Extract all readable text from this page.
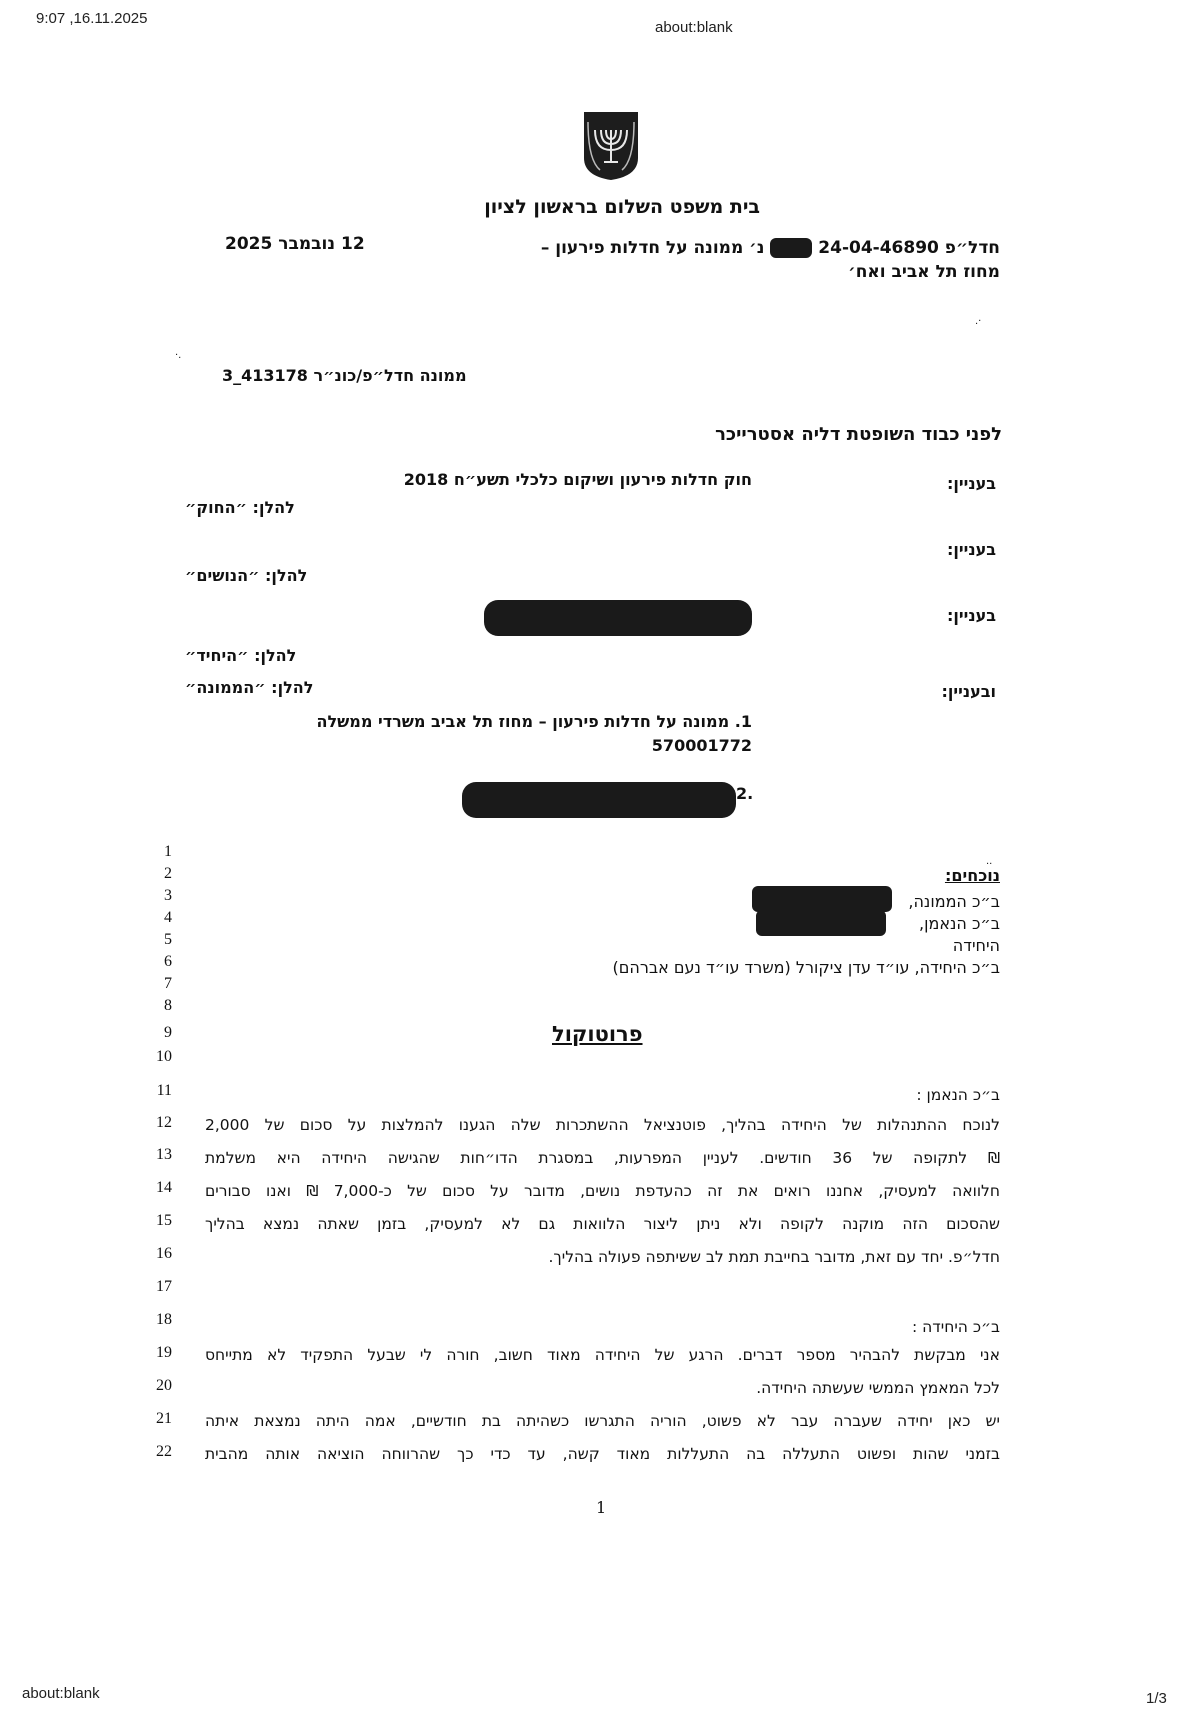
9:07 ,16.11.2025
about:blank
בית משפט השלום בראשון לציון
חדל״פ 24-04-46890  נ׳ ממונה על חדלות פירעון –
מחוז תל אביב ואח׳
12 נובמבר 2025
.·
·.
ממונה חדל״פ/כונ״ר 413178_3
לפני כבוד השופטת דליה אסטרייכר
בעניין:
חוק חדלות פירעון ושיקום כלכלי תשע״ח 2018
להלן: ״החוק״
בעניין:
להלן: ״הנושים״
בעניין:
להלן: ״היחיד״
ובעניין:
להלן: ״הממונה״
1. ממונה על חדלות פירעון – מחוז תל אביב משרדי ממשלה
570001772
2.
..
נוכחים:
ב״כ הממונה,
ב״כ הנאמן,
היחידה
ב״כ היחידה, עו״ד עדן ציקורל (משרד עו״ד נעם אברהם)
פרוטוקול
1
2
3
4
5
6
7
8
9
10
11
12
13
14
15
16
17
18
19
20
21
22
ב״כ הנאמן :
לנוכח ההתנהלות של היחידה בהליך, פוטנציאל ההשתכרות שלה הגענו להמלצות על סכום של 2,000
₪ לתקופה של 36 חודשים. לעניין המפרעות, במסגרת הדו״חות שהגישה היחידה היא משלמת
חלוואה למעסיק, אחננו רואים את זה כהעדפת נושים, מדובר על סכום של כ-7,000 ₪ ואנו סבורים
שהסכום הזה מוקנה לקופה ולא ניתן ליצור הלוואות גם לא למעסיק, בזמן שאתה נמצא בהליך
חדל״פ. יחד עם זאת, מדובר בחייבת תמת לב ששיתפה פעולה בהליך.
ב״כ היחידה :
אני מבקשת להבהיר מספר דברים. הרגע של היחידה מאוד חשוב, חורה לי שבעל התפקיד לא מתייחס
לכל המאמץ הממשי שעשתה היחידה.
יש כאן יחידה שעברה עבר לא פשוט, הוריה התגרשו כשהיתה בת חודשיים, אמה היתה נמצאת איתה
בזמני שהות ופשוט התעללה בה התעללות מאוד קשה, עד כדי כך שהרווחה הוציאה אותה מהבית
1
about:blank	1/3
